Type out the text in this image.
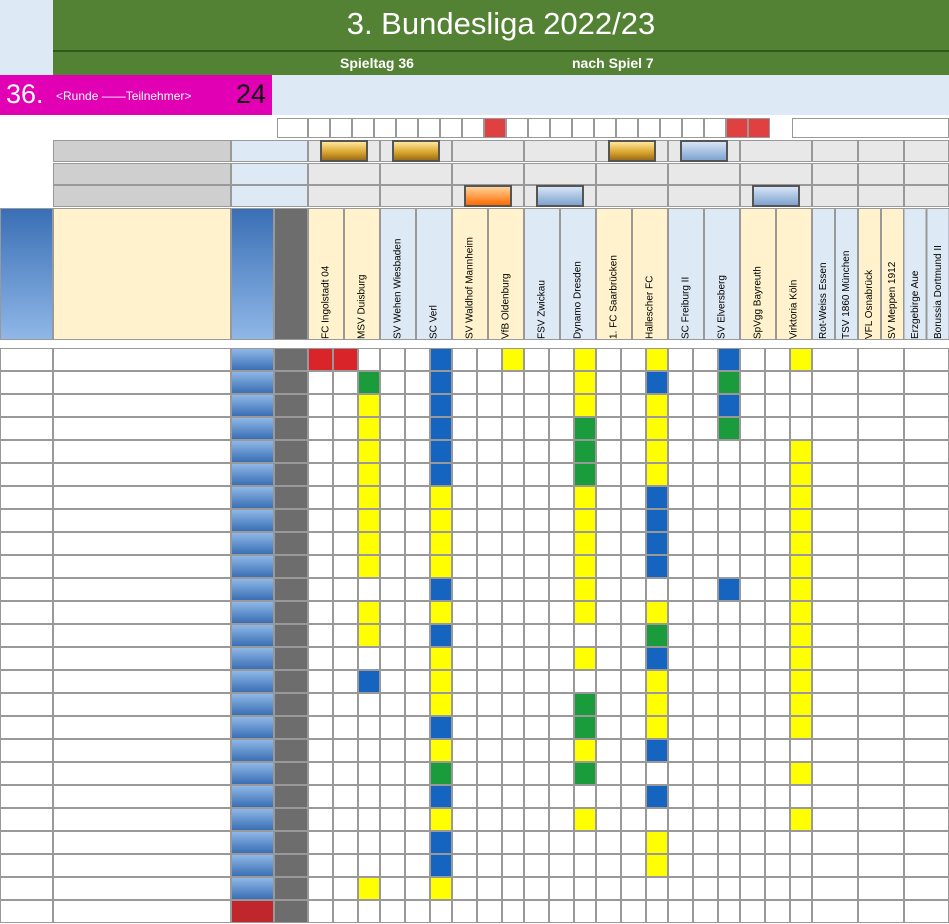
3. Bundesliga 2022/23
Spieltag 36	nach Spiel 7
36. <Runde ——Teilnehmer> 24
FC Ingolstadt 04	MSV Duisburg	SV Wehen Wiesbaden	SC Verl	SV Waldhof Mannheim	VfB Oldenburg	FSV Zwickau	Dynamo Dresden	1. FC Saarbrücken	Hallescher FC	SC Freiburg II	SV Elversberg	SpVgg Bayreuth	Virktoria Köln	Rot-Weiss Essen	TSV 1860 München	VFL Osnabrück	SV Meppen 1912	Erzgebirge Aue	Borussia Dortmund II
